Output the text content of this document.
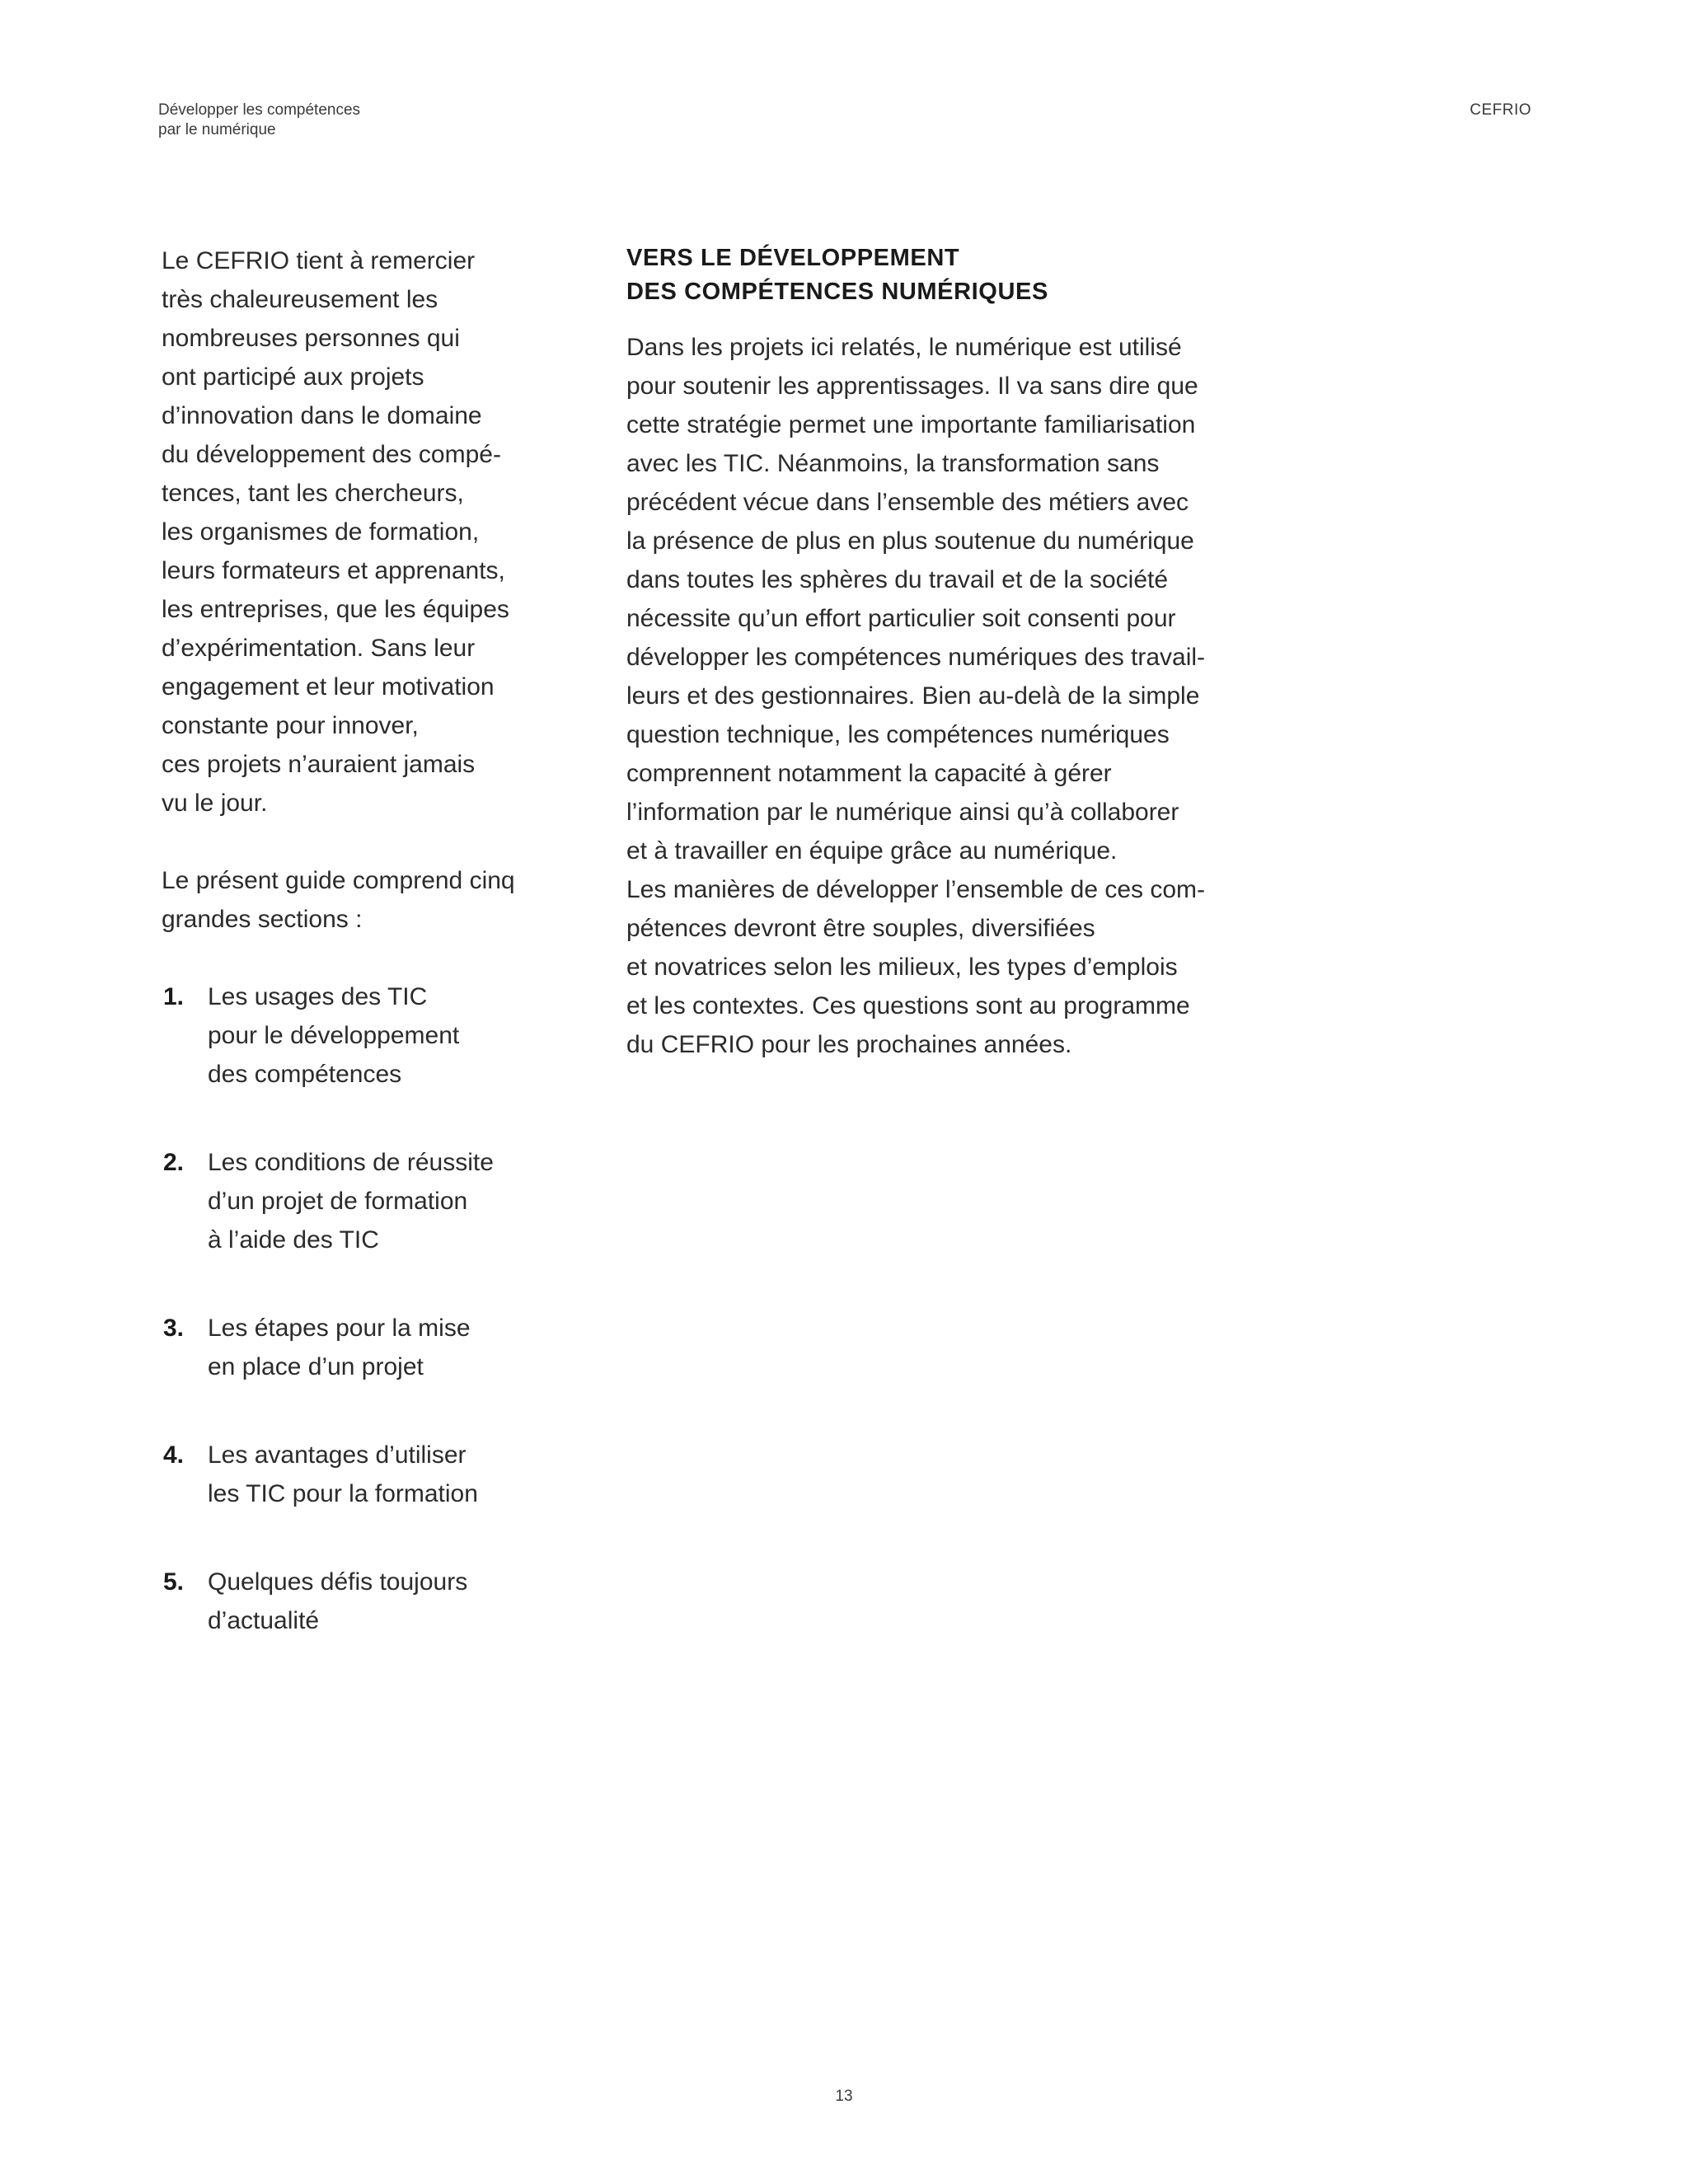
Développer les compétences
par le numérique
CEFRIO
Le CEFRIO tient à remercier
très chaleureusement les
nombreuses personnes qui
ont participé aux projets
d’innovation dans le domaine
du développement des compé-
tences, tant les chercheurs,
les organismes de formation,
leurs formateurs et apprenants,
les entreprises, que les équipes
d’expérimentation. Sans leur
engagement et leur motivation
constante pour innover,
ces projets n’auraient jamais
vu le jour.
Le présent guide comprend cinq
grandes sections :
1. Les usages des TIC
pour le développement
des compétences
2. Les conditions de réussite
d’un projet de formation
à l’aide des TIC
3. Les étapes pour la mise
en place d’un projet
4. Les avantages d’utiliser
les TIC pour la formation
5. Quelques défis toujours
d’actualité
VERS LE DÉVELOPPEMENT
DES COMPÉTENCES NUMÉRIQUES
Dans les projets ici relatés, le numérique est utilisé
pour soutenir les apprentissages. Il va sans dire que
cette stratégie permet une importante familiarisation
avec les TIC. Néanmoins, la transformation sans
précédent vécue dans l’ensemble des métiers avec
la présence de plus en plus soutenue du numérique
dans toutes les sphères du travail et de la société
nécessite qu’un effort particulier soit consenti pour
développer les compétences numériques des travail-
leurs et des gestionnaires. Bien au-delà de la simple
question technique, les compétences numériques
comprennent notamment la capacité à gérer
l’information par le numérique ainsi qu’à collaborer
et à travailler en équipe grâce au numérique.
Les manières de développer l’ensemble de ces com-
pétences devront être souples, diversifiées
et novatrices selon les milieux, les types d’emplois
et les contextes. Ces questions sont au programme
du CEFRIO pour les prochaines années.
13
